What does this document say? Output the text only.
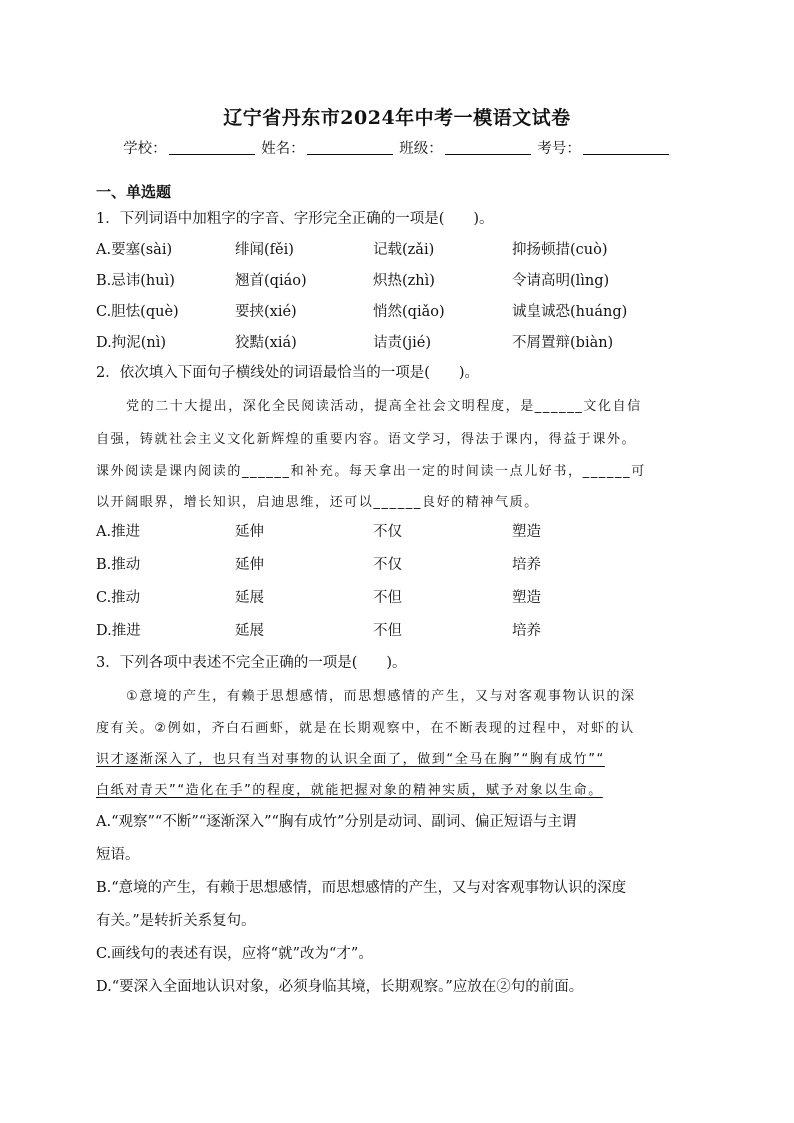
辽宁省丹东市2024年中考一模语文试卷
学校：	姓名：	班级：	考号：
一、单选题
1．下列词语中加粗字的字音、字形完全正确的一项是(　　)。
A.要塞(sài)	绯闻(fěi)	记载(zǎi)	抑扬顿措(cuò)
B.忌讳(huì)	翘首(qiáo)	炽热(zhì)	令请高明(lìng)
C.胆怯(què)	要挟(xié)	悄然(qiǎo)	诚皇诚恐(huáng)
D.拘泥(nì)	狡黠(xiá)	诘责(jié)	不屑置辩(biàn)
2．依次填入下面句子横线处的词语最恰当的一项是(　　)。
党的二十大提出，深化全民阅读活动，提高全社会文明程度，是______文化自信
自强，铸就社会主义文化新辉煌的重要内容。语文学习，得法于课内，得益于课外。
课外阅读是课内阅读的______和补充。每天拿出一定的时间读一点儿好书，______可
以开阔眼界，增长知识，启迪思维，还可以______良好的精神气质。
A.推进	延伸	不仅	塑造
B.推动	延伸	不仅	培养
C.推动	延展	不但	塑造
D.推进	延展	不但	培养
3．下列各项中表述不完全正确的一项是(　　)。
①意境的产生，有赖于思想感情，而思想感情的产生，又与对客观事物认识的深
度有关。②例如，齐白石画虾，就是在长期观察中，在不断表现的过程中，对虾的认
识才逐渐深入了，也只有当对事物的认识全面了，做到“全马在胸”“胸有成竹”“
白纸对青天”“造化在手”的程度，就能把握对象的精神实质，赋予对象以生命。
A.“观察”“不断”“逐渐深入”“胸有成竹”分别是动词、副词、偏正短语与主谓
短语。
B.“意境的产生，有赖于思想感情，而思想感情的产生，又与对客观事物认识的深度
有关。”是转折关系复句。
C.画线句的表述有误，应将“就”改为“才”。
D.“要深入全面地认识对象，必须身临其境，长期观察。”应放在②句的前面。
